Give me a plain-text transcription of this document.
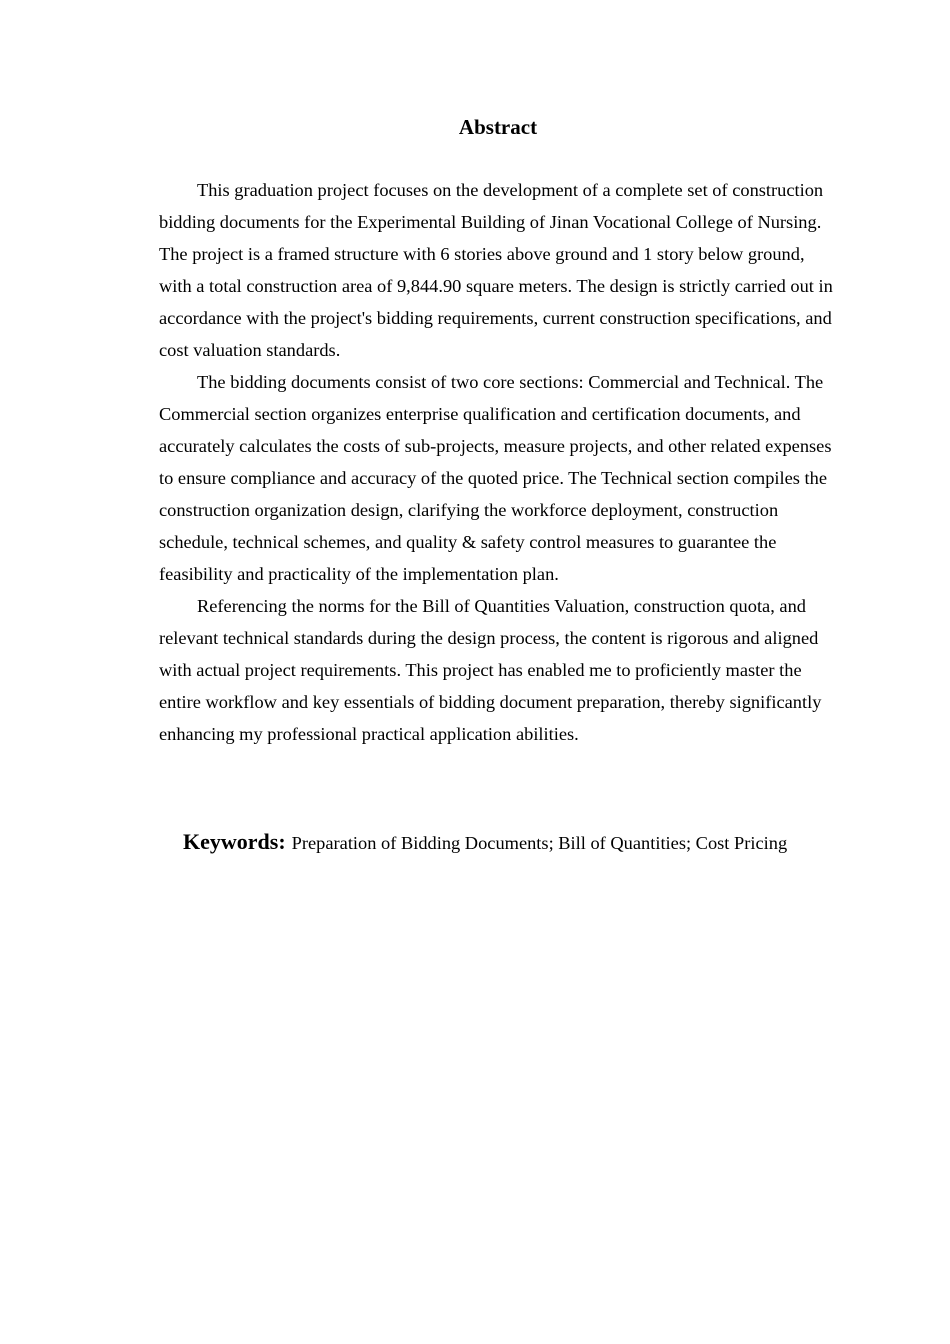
Abstract

This graduation project focuses on the development of a complete set of construction bidding documents for the Experimental Building of Jinan Vocational College of Nursing. The project is a framed structure with 6 stories above ground and 1 story below ground, with a total construction area of 9,844.90 square meters. The design is strictly carried out in accordance with the project's bidding requirements, current construction specifications, and cost valuation standards.

The bidding documents consist of two core sections: Commercial and Technical. The Commercial section organizes enterprise qualification and certification documents, and accurately calculates the costs of sub-projects, measure projects, and other related expenses to ensure compliance and accuracy of the quoted price. The Technical section compiles the construction organization design, clarifying the workforce deployment, construction schedule, technical schemes, and quality & safety control measures to guarantee the feasibility and practicality of the implementation plan.

Referencing the norms for the Bill of Quantities Valuation, construction quota, and relevant technical standards during the design process, the content is rigorous and aligned with actual project requirements. This project has enabled me to proficiently master the entire workflow and key essentials of bidding document preparation, thereby significantly enhancing my professional practical application abilities.

Keywords: Preparation of Bidding Documents; Bill of Quantities; Cost Pricing
